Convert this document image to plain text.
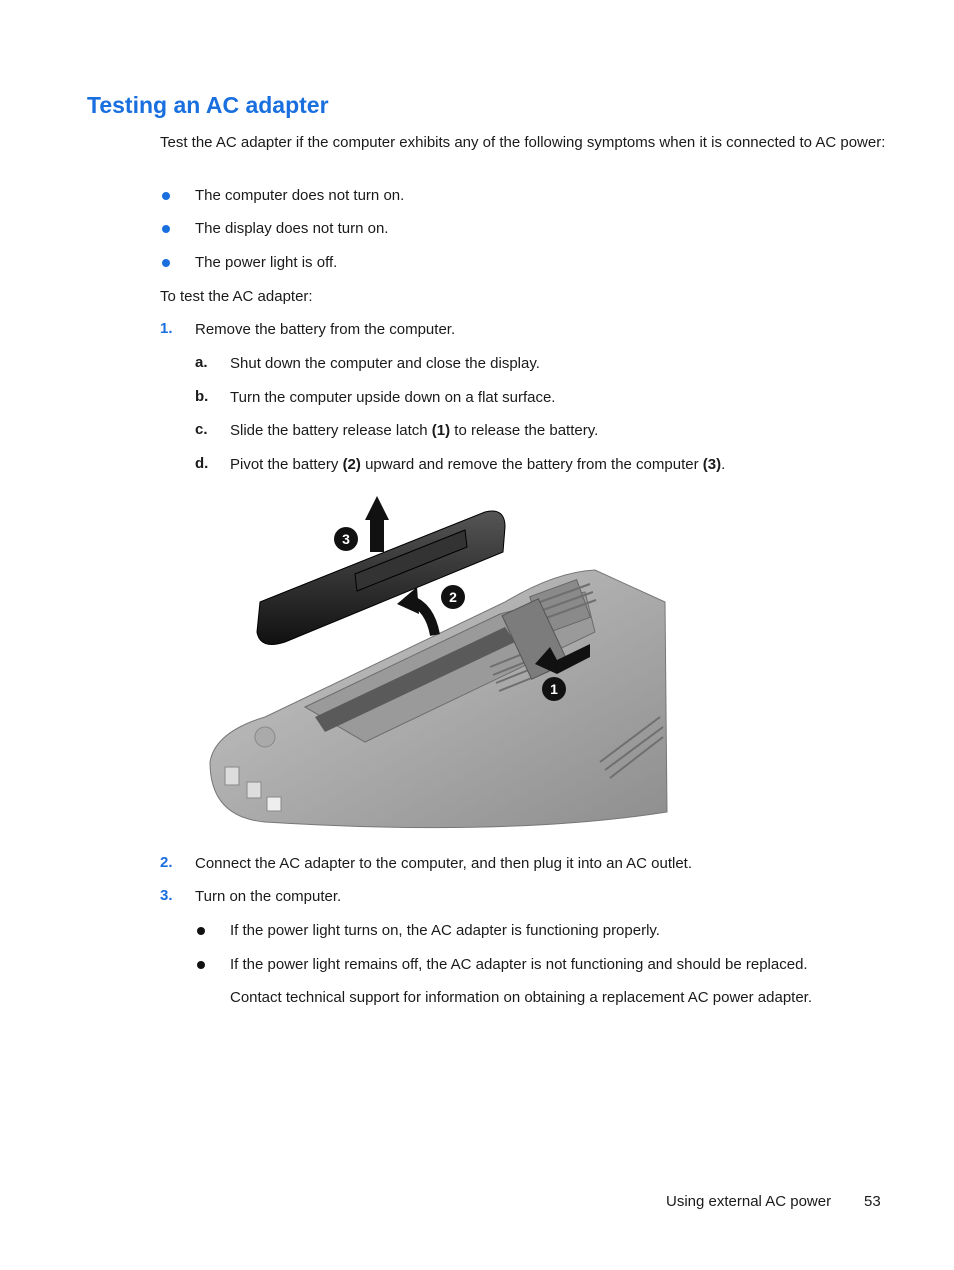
Testing an AC adapter

Test the AC adapter if the computer exhibits any of the following symptoms when it is connected to AC power:

The computer does not turn on.

The display does not turn on.

The power light is off.

To test the AC adapter:

1. Remove the battery from the computer.

a. Shut down the computer and close the display.

b. Turn the computer upside down on a flat surface.

c. Slide the battery release latch (1) to release the battery.

d. Pivot the battery (2) upward and remove the battery from the computer (3).

3
2
1
2. Connect the AC adapter to the computer, and then plug it into an AC outlet.

3. Turn on the computer.

If the power light turns on, the AC adapter is functioning properly.

If the power light remains off, the AC adapter is not functioning and should be replaced.

Contact technical support for information on obtaining a replacement AC power adapter.

Using external AC power 53
